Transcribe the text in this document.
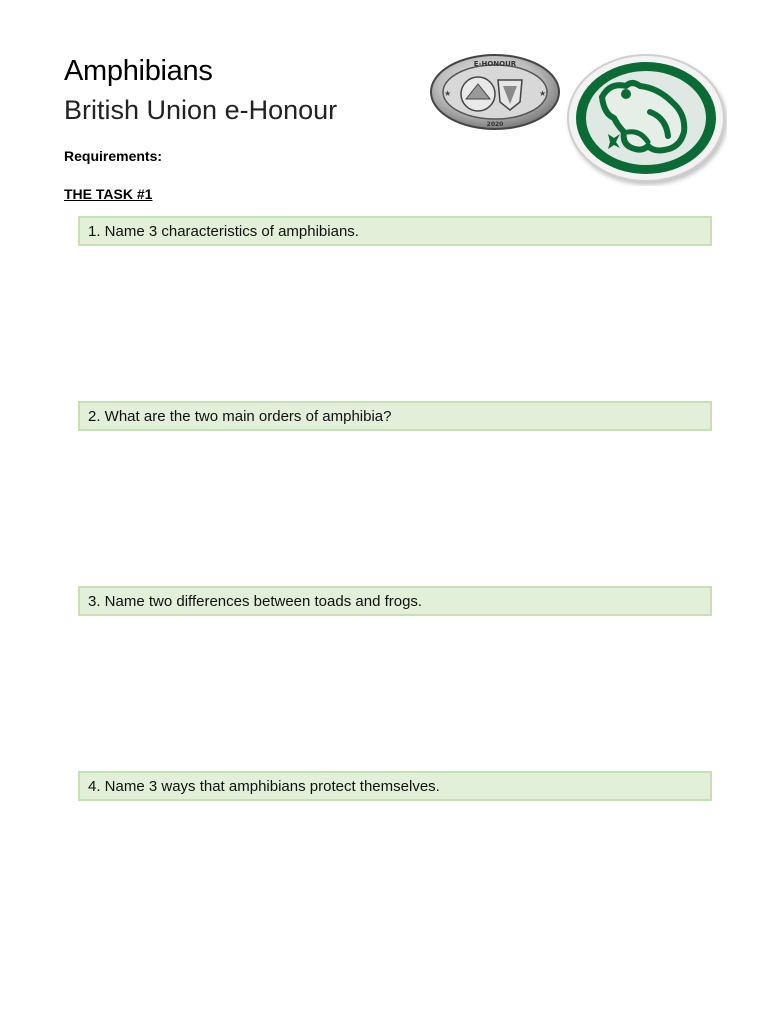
Amphibians
British Union e-Honour
E-HONOUR
2020
★	★
Requirements:
THE TASK #1
1. Name 3 characteristics of amphibians.
2. What are the two main orders of amphibia?
3. Name two differences between toads and frogs.
4. Name 3 ways that amphibians protect themselves.
